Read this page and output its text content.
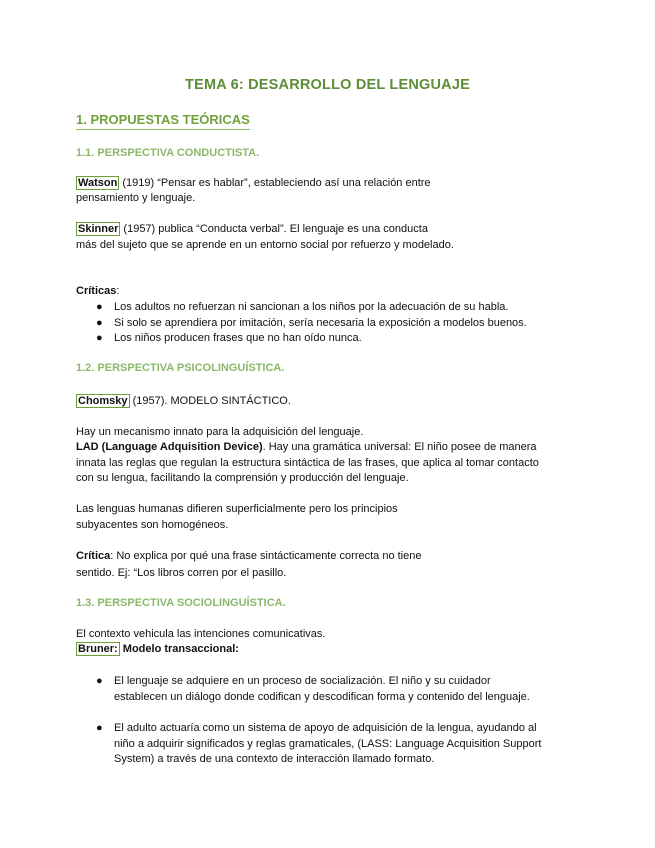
TEMA 6: DESARROLLO DEL LENGUAJE
1. PROPUESTAS TEÓRICAS
1.1. PERSPECTIVA CONDUCTISTA.
Watson (1919) “Pensar es hablar”, estableciendo así una relación entre
pensamiento y lenguaje.
Skinner (1957) publica “Conducta verbal”. El lenguaje es una conducta
más del sujeto que se aprende en un entorno social por refuerzo y modelado.
Críticas:
● Los adultos no refuerzan ni sancionan a los niños por la adecuación de su habla.
● Si solo se aprendiera por imitación, sería necesaria la exposición a modelos buenos.
● Los niños producen frases que no han oído nunca.
1.2. PERSPECTIVA PSICOLINGUÍSTICA.
Chomsky (1957). MODELO SINTÁCTICO.
Hay un mecanismo innato para la adquisición del lenguaje.
LAD (Language Adquisition Device). Hay una gramática universal: El niño posee de manera
innata las reglas que regulan la estructura sintáctica de las frases, que aplica al tomar contacto
con su lengua, facilitando la comprensión y producción del lenguaje.
Las lenguas humanas difieren superficialmente pero los principios
subyacentes son homogéneos.
Crítica: No explica por qué una frase sintácticamente correcta no tiene
sentido. Ej: “Los libros corren por el pasillo.
1.3. PERSPECTIVA SOCIOLINGUÍSTICA.
El contexto vehicula las intenciones comunicativas.
Bruner: Modelo transaccional:
● El lenguaje se adquiere en un proceso de socialización. El niño y su cuidador
establecen un diálogo donde codifican y descodifican forma y contenido del lenguaje.
● El adulto actuaría como un sistema de apoyo de adquisición de la lengua, ayudando al
niño a adquirir significados y reglas gramaticales, (LASS: Language Acquisition Support
System) a través de una contexto de interacción llamado formato.
